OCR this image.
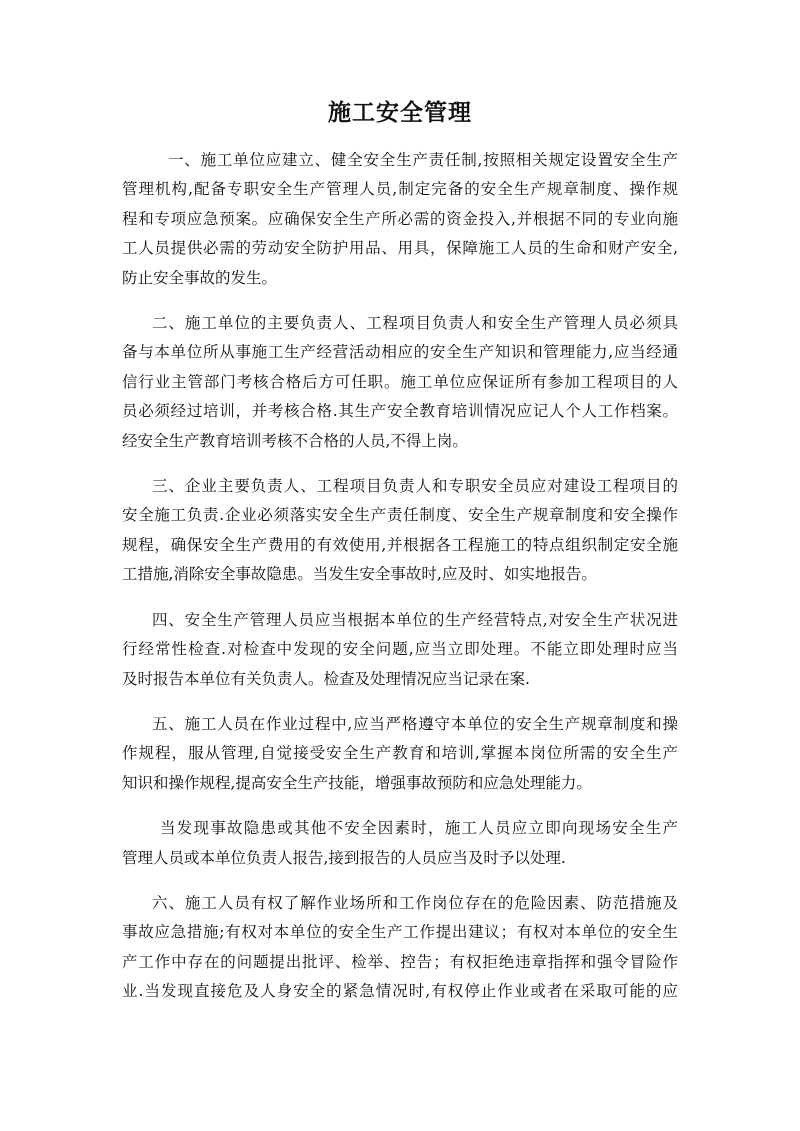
施工安全管理

一、施工单位应建立、健全安全生产责任制,按照相关规定设置安全生产
管理机构,配备专职安全生产管理人员,制定完备的安全生产规章制度、操作规
程和专项应急预案。应确保安全生产所必需的资金投入,并根据不同的专业向施
工人员提供必需的劳动安全防护用品、用具，保障施工人员的生命和财产安全,
防止安全事故的发生。

二、施工单位的主要负责人、工程项目负责人和安全生产管理人员必须具
备与本单位所从事施工生产经营活动相应的安全生产知识和管理能力,应当经通
信行业主管部门考核合格后方可任职。施工单位应保证所有参加工程项目的人
员必须经过培训，并考核合格.其生产安全教育培训情况应记人个人工作档案。
经安全生产教育培训考核不合格的人员,不得上岗。

三、企业主要负责人、工程项目负责人和专职安全员应对建设工程项目的
安全施工负责.企业必须落实安全生产责任制度、安全生产规章制度和安全操作
规程，确保安全生产费用的有效使用,并根据各工程施工的特点组织制定安全施
工措施,消除安全事故隐患。当发生安全事故时,应及时、如实地报告。

四、安全生产管理人员应当根据本单位的生产经营特点,对安全生产状况进
行经常性检查.对检查中发现的安全问题,应当立即处理。不能立即处理时应当
及时报告本单位有关负责人。检查及处理情况应当记录在案.

五、施工人员在作业过程中,应当严格遵守本单位的安全生产规章制度和操
作规程，服从管理,自觉接受安全生产教育和培训,掌握本岗位所需的安全生产
知识和操作规程,提高安全生产技能，增强事故预防和应急处理能力。

当发现事故隐患或其他不安全因素时，施工人员应立即向现场安全生产
管理人员或本单位负责人报告,接到报告的人员应当及时予以处理.

六、施工人员有权了解作业场所和工作岗位存在的危险因素、防范措施及
事故应急措施;有权对本单位的安全生产工作提出建议；有权对本单位的安全生
产工作中存在的问题提出批评、检举、控告；有权拒绝违章指挥和强令冒险作
业.当发现直接危及人身安全的紧急情况时,有权停止作业或者在采取可能的应
